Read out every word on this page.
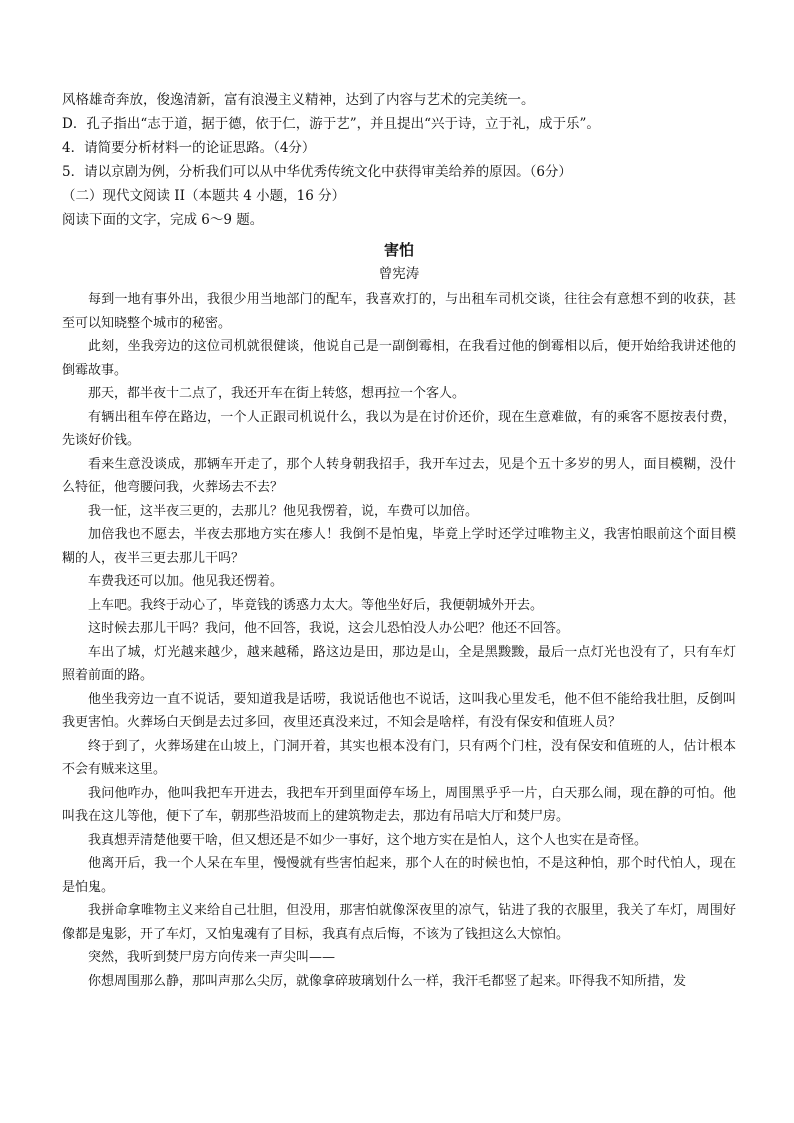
风格雄奇奔放，俊逸清新，富有浪漫主义精神，达到了内容与艺术的完美统一。

D．孔子指出“志于道，据于德，依于仁，游于艺”，并且提出“兴于诗，立于礼，成于乐”。

4．请简要分析材料一的论证思路。（4分）

5．请以京剧为例，分析我们可以从中华优秀传统文化中获得审美给养的原因。（6分）

（二）现代文阅读 II（本题共 4 小题，16 分）

阅读下面的文字，完成 6～9 题。

害怕
曾宪涛

每到一地有事外出，我很少用当地部门的配车，我喜欢打的，与出租车司机交谈，往往会有意想不到的收获，甚至可以知晓整个城市的秘密。

此刻，坐我旁边的这位司机就很健谈，他说自己是一副倒霉相，在我看过他的倒霉相以后，便开始给我讲述他的倒霉故事。

那天，都半夜十二点了，我还开车在街上转悠，想再拉一个客人。

有辆出租车停在路边，一个人正跟司机说什么，我以为是在讨价还价，现在生意难做，有的乘客不愿按表付费，先谈好价钱。

看来生意没谈成，那辆车开走了，那个人转身朝我招手，我开车过去，见是个五十多岁的男人，面目模糊，没什么特征，他弯腰问我，火葬场去不去？

我一怔，这半夜三更的，去那儿？他见我愣着，说，车费可以加倍。

加倍我也不愿去，半夜去那地方实在瘆人！我倒不是怕鬼，毕竟上学时还学过唯物主义，我害怕眼前这个面目模糊的人，夜半三更去那儿干吗？

车费我还可以加。他见我还愣着。

上车吧。我终于动心了，毕竟钱的诱惑力太大。等他坐好后，我便朝城外开去。

这时候去那儿干吗？我问，他不回答，我说，这会儿恐怕没人办公吧？他还不回答。

车出了城，灯光越来越少，越来越稀，路这边是田，那边是山，全是黑黢黢，最后一点灯光也没有了，只有车灯照着前面的路。

他坐我旁边一直不说话，要知道我是话唠，我说话他也不说话，这叫我心里发毛，他不但不能给我壮胆，反倒叫我更害怕。火葬场白天倒是去过多回，夜里还真没来过，不知会是啥样，有没有保安和值班人员？

终于到了，火葬场建在山坡上，门洞开着，其实也根本没有门，只有两个门柱，没有保安和值班的人，估计根本不会有贼来这里。

我问他咋办，他叫我把车开进去，我把车开到里面停车场上，周围黑乎乎一片，白天那么闹，现在静的可怕。他叫我在这儿等他，便下了车，朝那些沿坡而上的建筑物走去，那边有吊唁大厅和焚尸房。

我真想弄清楚他要干啥，但又想还是不如少一事好，这个地方实在是怕人，这个人也实在是奇怪。

他离开后，我一个人呆在车里，慢慢就有些害怕起来，那个人在的时候也怕，不是这种怕，那个时代怕人，现在是怕鬼。

我拼命拿唯物主义来给自己壮胆，但没用，那害怕就像深夜里的凉气，钻进了我的衣服里，我关了车灯，周围好像都是鬼影，开了车灯，又怕鬼魂有了目标，我真有点后悔，不该为了钱担这么大惊怕。

突然，我听到焚尸房方向传来一声尖叫——

你想周围那么静，那叫声那么尖厉，就像拿碎玻璃划什么一样，我汗毛都竖了起来。吓得我不知所措，发
